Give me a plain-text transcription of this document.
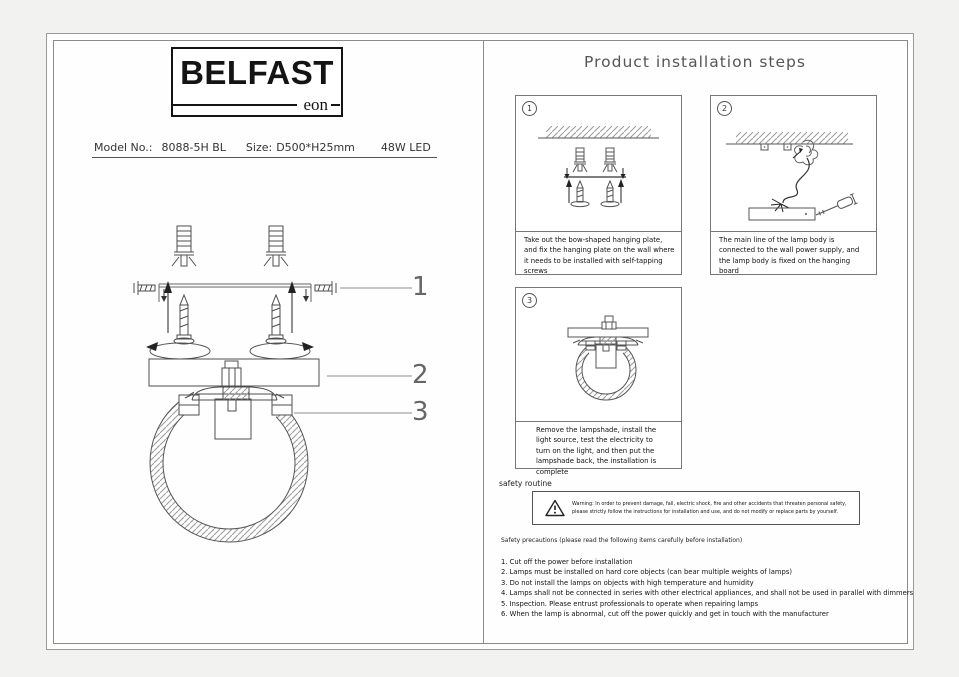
BELFAST
eon
Model No.: 8088-5H BL Size: D500*H25mm 48W LED
1
2
3
Product installation steps
1
Take out the bow-shaped hanging plate, and fix the hanging plate on the wall where it needs to be installed with self-tapping screws
2
The main line of the lamp body is connected to the wall power supply, and the lamp body is fixed on the hanging board
3
Remove the lampshade, install the light source, test the electricity to turn on the light, and then put the lampshade back, the installation is complete
safety routine
Warning: In order to prevent damage, fall, electric shock, fire and other accidents that threaten personal safety, please strictly follow the instructions for installation and use, and do not modify or replace parts by yourself.
Safety precautions (please read the following items carefully before installation)
1. Cut off the power before installation
2. Lamps must be installed on hard core objects (can bear multiple weights of lamps)
3. Do not install the lamps on objects with high temperature and humidity
4. Lamps shall not be connected in series with other electrical appliances, and shall not be used in parallel with dimmers
5. Inspection. Please entrust professionals to operate when repairing lamps
6. When the lamp is abnormal, cut off the power quickly and get in touch with the manufacturer
